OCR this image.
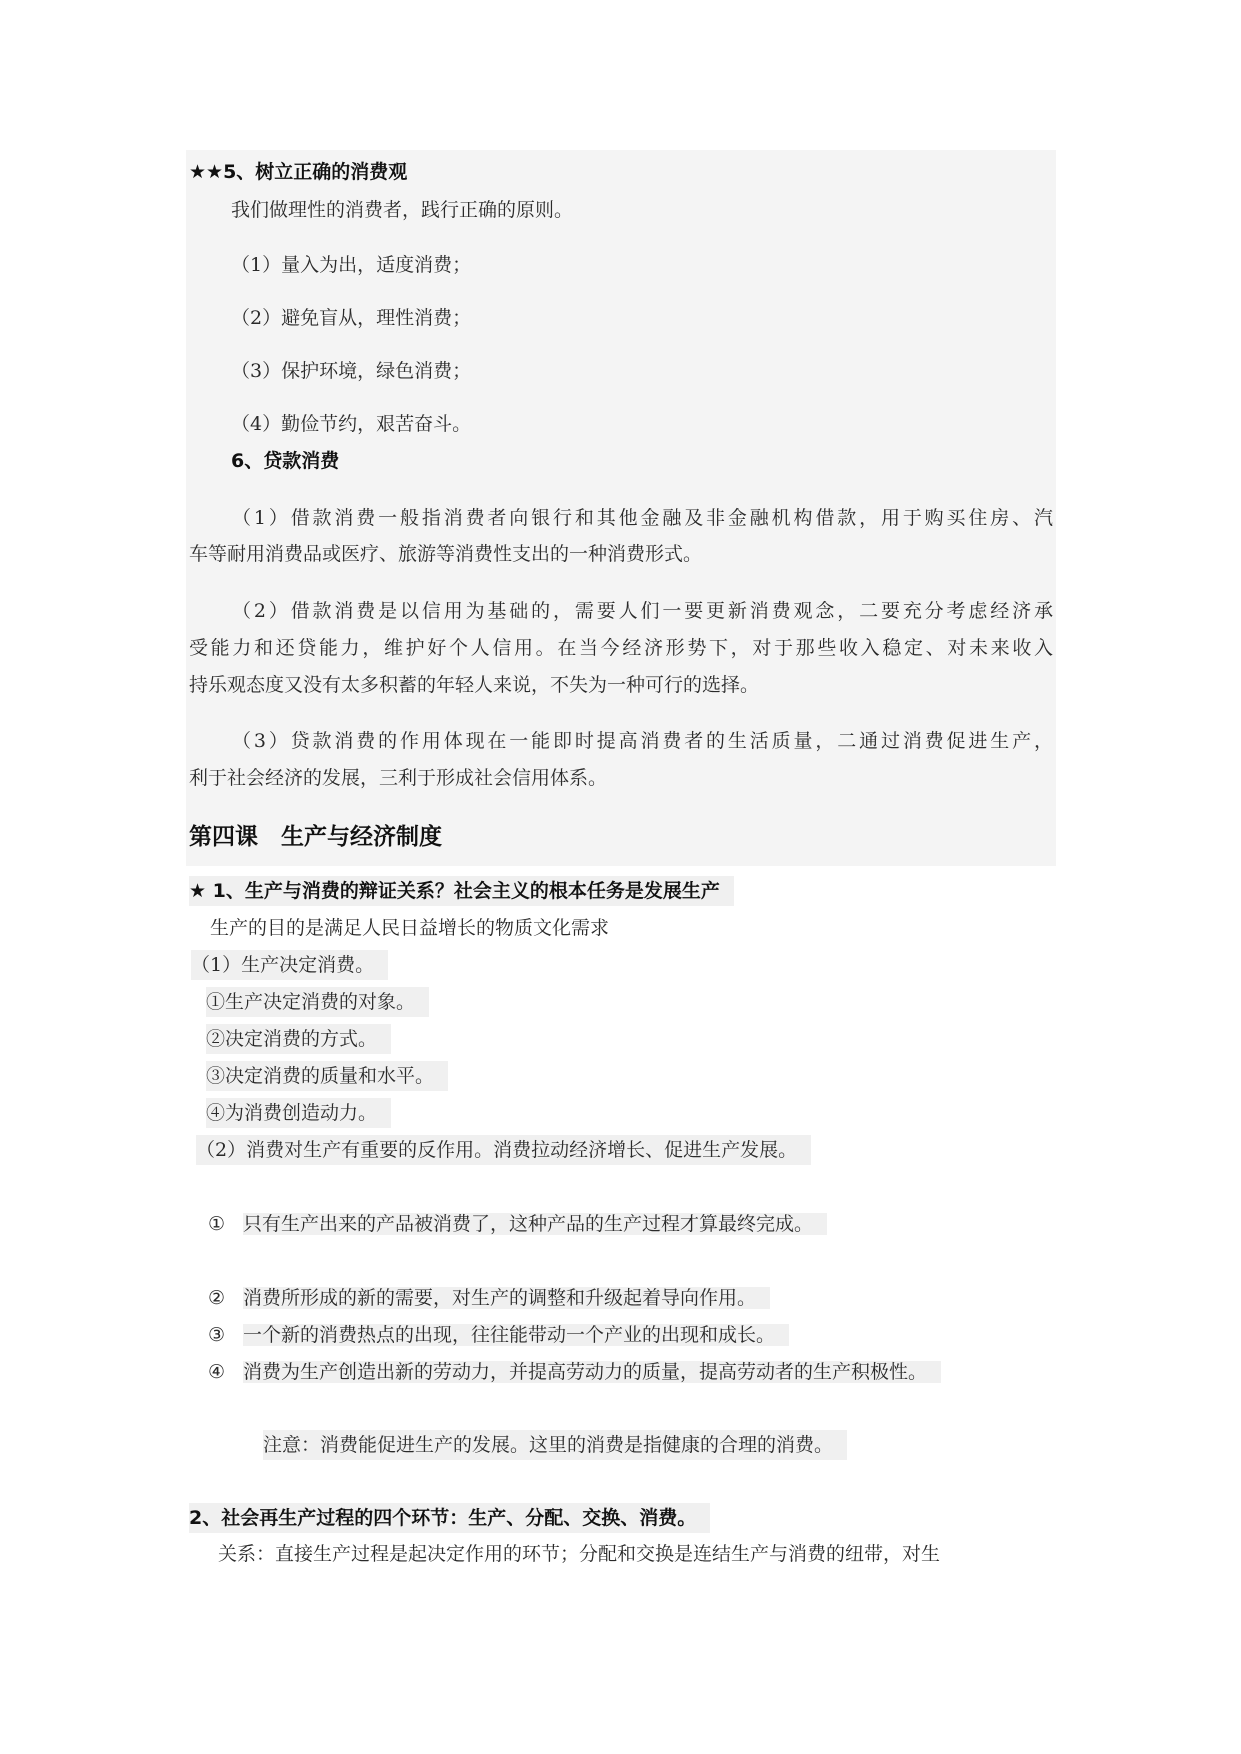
★★5、树立正确的消费观
我们做理性的消费者，践行正确的原则。
（1）量入为出，适度消费；
（2）避免盲从，理性消费；
（3）保护环境，绿色消费；
（4）勤俭节约，艰苦奋斗。
6、贷款消费
（1）借款消费一般指消费者向银行和其他金融及非金融机构借款，用于购买住房、汽
车等耐用消费品或医疗、旅游等消费性支出的一种消费形式。
（2）借款消费是以信用为基础的，需要人们一要更新消费观念，二要充分考虑经济承
受能力和还贷能力，维护好个人信用。在当今经济形势下，对于那些收入稳定、对未来收入
持乐观态度又没有太多积蓄的年轻人来说，不失为一种可行的选择。
（3）贷款消费的作用体现在一能即时提高消费者的生活质量，二通过消费促进生产，
利于社会经济的发展，三利于形成社会信用体系。
第四课　生产与经济制度
★ 1、生产与消费的辩证关系？社会主义的根本任务是发展生产
生产的目的是满足人民日益增长的物质文化需求
（1）生产决定消费。
①生产决定消费的对象。
②决定消费的方式。
③决定消费的质量和水平。
④为消费创造动力。
（2）消费对生产有重要的反作用。消费拉动经济增长、促进生产发展。
① 只有生产出来的产品被消费了，这种产品的生产过程才算最终完成。
② 消费所形成的新的需要，对生产的调整和升级起着导向作用。
③ 一个新的消费热点的出现，往往能带动一个产业的出现和成长。
④ 消费为生产创造出新的劳动力，并提高劳动力的质量，提高劳动者的生产积极性。
注意：消费能促进生产的发展。这里的消费是指健康的合理的消费。
2、社会再生产过程的四个环节：生产、分配、交换、消费。
关系：直接生产过程是起决定作用的环节；分配和交换是连结生产与消费的纽带，对生
